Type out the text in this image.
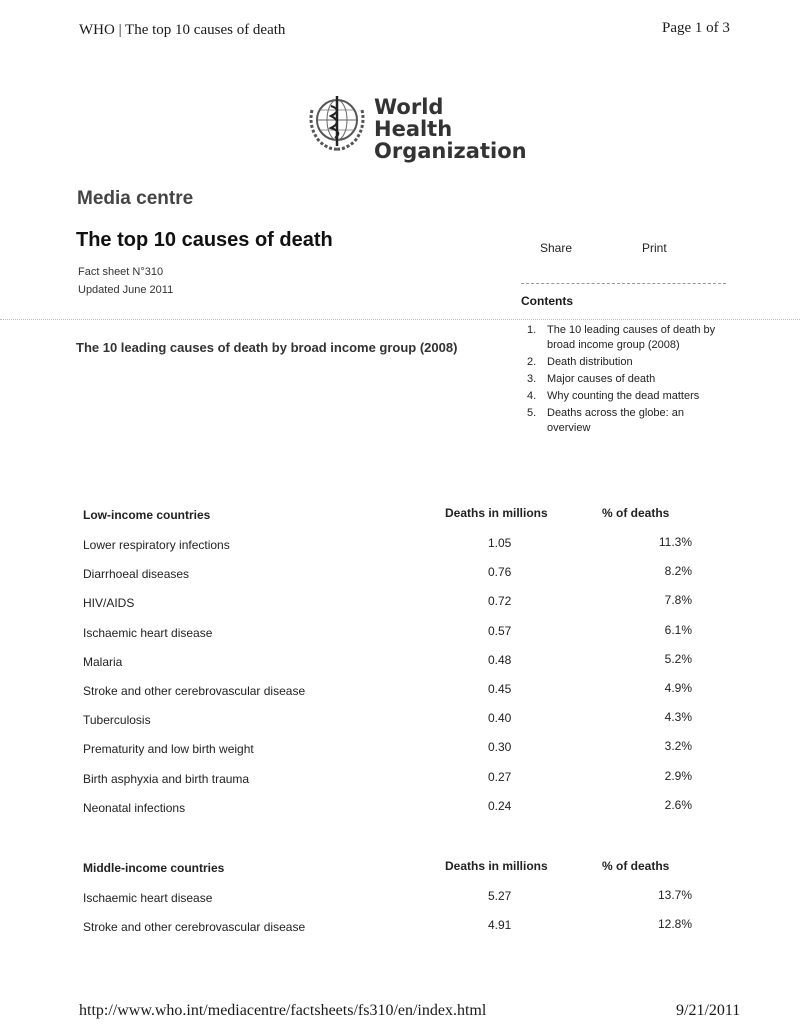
WHO | The top 10 causes of death	Page 1 of 3
World Health
Organization
Media centre
The top 10 causes of death
Fact sheet N°310
Updated June 2011
Share	Print
Contents
1. The 10 leading causes of death by broad income group (2008)
2. Death distribution
3. Major causes of death
4. Why counting the dead matters
5. Deaths across the globe: an overview
The 10 leading causes of death by broad income group (2008)
Low-income countries	Deaths in millions	% of deaths
Lower respiratory infections	1.05	11.3%
Diarrhoeal diseases	0.76	8.2%
HIV/AIDS	0.72	7.8%
Ischaemic heart disease	0.57	6.1%
Malaria	0.48	5.2%
Stroke and other cerebrovascular disease	0.45	4.9%
Tuberculosis	0.40	4.3%
Prematurity and low birth weight	0.30	3.2%
Birth asphyxia and birth trauma	0.27	2.9%
Neonatal infections	0.24	2.6%
Middle-income countries	Deaths in millions	% of deaths
Ischaemic heart disease	5.27	13.7%
Stroke and other cerebrovascular disease	4.91	12.8%
http://www.who.int/mediacentre/factsheets/fs310/en/index.html	9/21/2011
